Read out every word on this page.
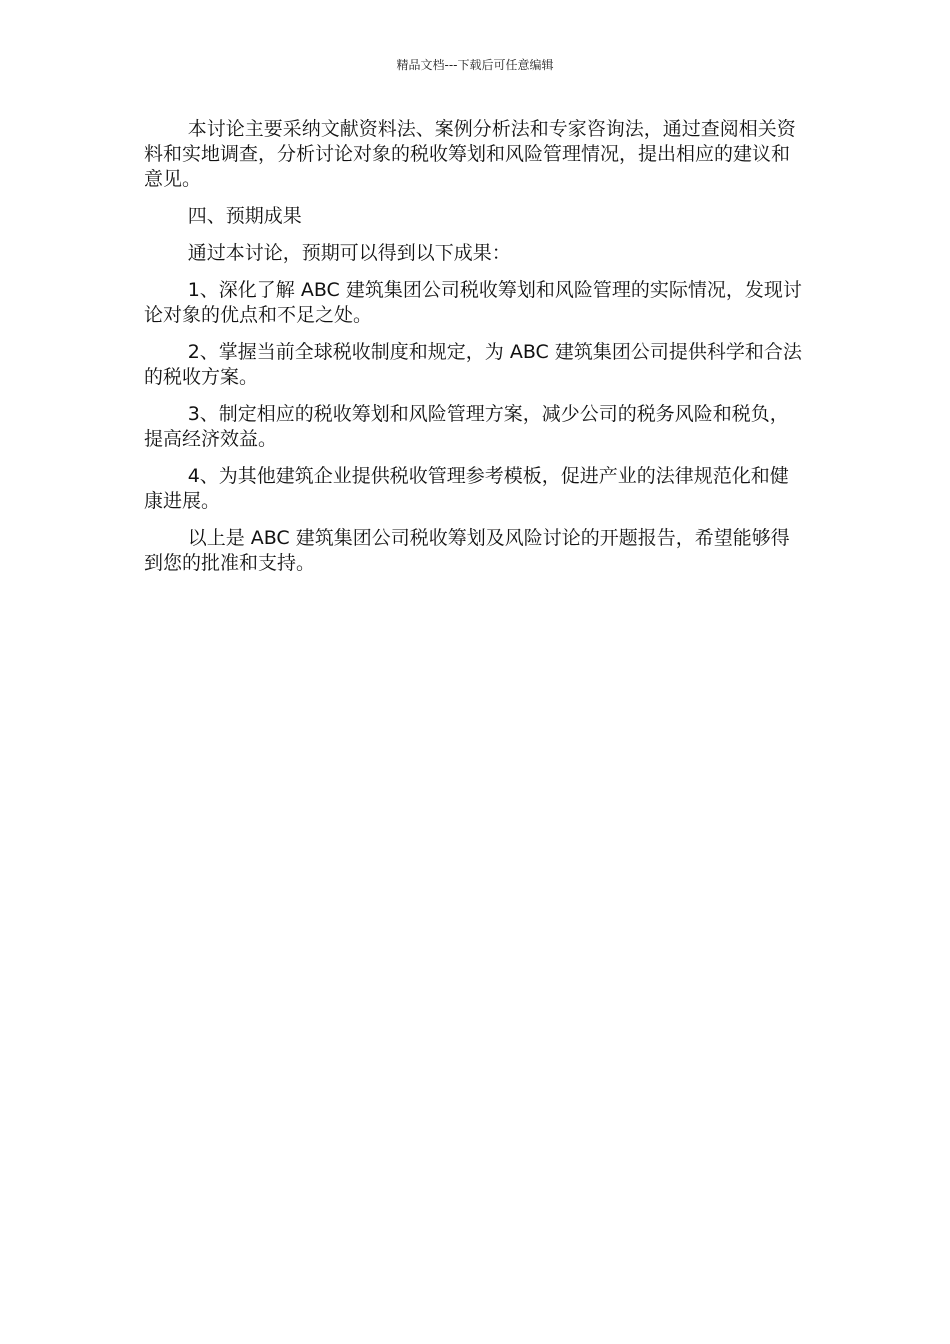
精品文档---下载后可任意编辑

本讨论主要采纳文献资料法、案例分析法和专家咨询法，通过查阅相关资料和实地调查，分析讨论对象的税收筹划和风险管理情况，提出相应的建议和意见。

四、预期成果

通过本讨论，预期可以得到以下成果：

1、深化了解 ABC 建筑集团公司税收筹划和风险管理的实际情况，发现讨论对象的优点和不足之处。

2、掌握当前全球税收制度和规定，为 ABC 建筑集团公司提供科学和合法的税收方案。

3、制定相应的税收筹划和风险管理方案，减少公司的税务风险和税负，提高经济效益。

4、为其他建筑企业提供税收管理参考模板，促进产业的法律规范化和健康进展。

以上是 ABC 建筑集团公司税收筹划及风险讨论的开题报告，希望能够得到您的批准和支持。
